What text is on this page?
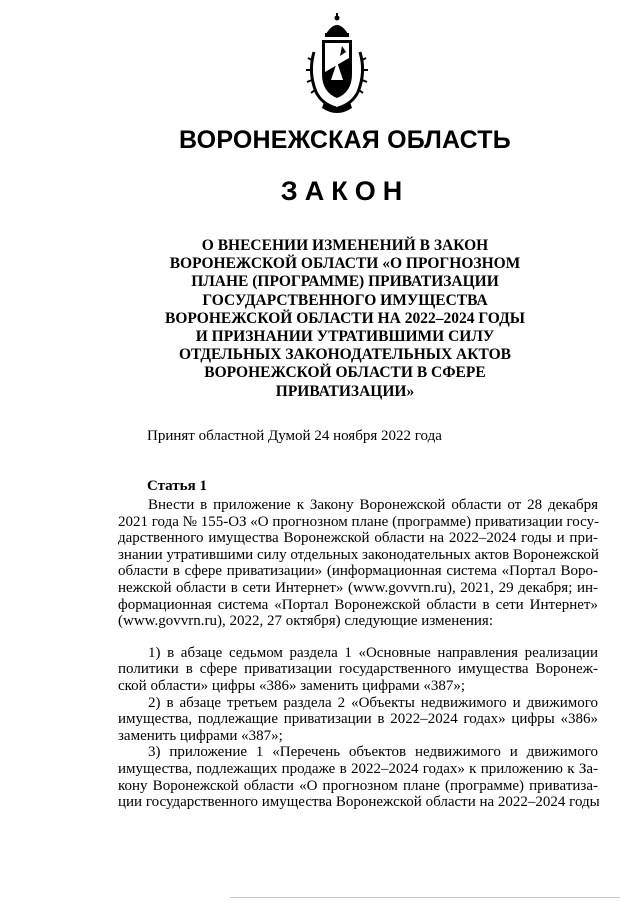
ВОРОНЕЖСКАЯ ОБЛАСТЬ
ЗАКОН
О ВНЕСЕНИИ ИЗМЕНЕНИЙ В ЗАКОН
ВОРОНЕЖСКОЙ ОБЛАСТИ «О ПРОГНОЗНОМ
ПЛАНЕ (ПРОГРАММЕ) ПРИВАТИЗАЦИИ
ГОСУДАРСТВЕННОГО ИМУЩЕСТВА
ВОРОНЕЖСКОЙ ОБЛАСТИ НА 2022–2024 ГОДЫ
И ПРИЗНАНИИ УТРАТИВШИМИ СИЛУ
ОТДЕЛЬНЫХ ЗАКОНОДАТЕЛЬНЫХ АКТОВ
ВОРОНЕЖСКОЙ ОБЛАСТИ В СФЕРЕ
ПРИВАТИЗАЦИИ»
Принят областной Думой 24 ноября 2022 года
Статья 1
Внести в приложение к Закону Воронежской области от 28 декабря
2021 года № 155-ОЗ «О прогнозном плане (программе) приватизации госу-
дарственного имущества Воронежской области на 2022–2024 годы и при-
знании утратившими силу отдельных законодательных актов Воронежской
области в сфере приватизации» (информационная система «Портал Воро-
нежской области в сети Интернет» (www.govvrn.ru), 2021, 29 декабря; ин-
формационная система «Портал Воронежской области в сети Интернет»
(www.govvrn.ru), 2022, 27 октября) следующие изменения:
1) в абзаце седьмом раздела 1 «Основные направления реализации
политики в сфере приватизации государственного имущества Воронеж-
ской области» цифры «386» заменить цифрами «387»;
2) в абзаце третьем раздела 2 «Объекты недвижимого и движимого
имущества, подлежащие приватизации в 2022–2024 годах» цифры «386»
заменить цифрами «387»;
3) приложение 1 «Перечень объектов недвижимого и движимого
имущества, подлежащих продаже в 2022–2024 годах» к приложению к За-
кону Воронежской области «О прогнозном плане (программе) приватиза-
ции государственного имущества Воронежской области на 2022–2024 годы
